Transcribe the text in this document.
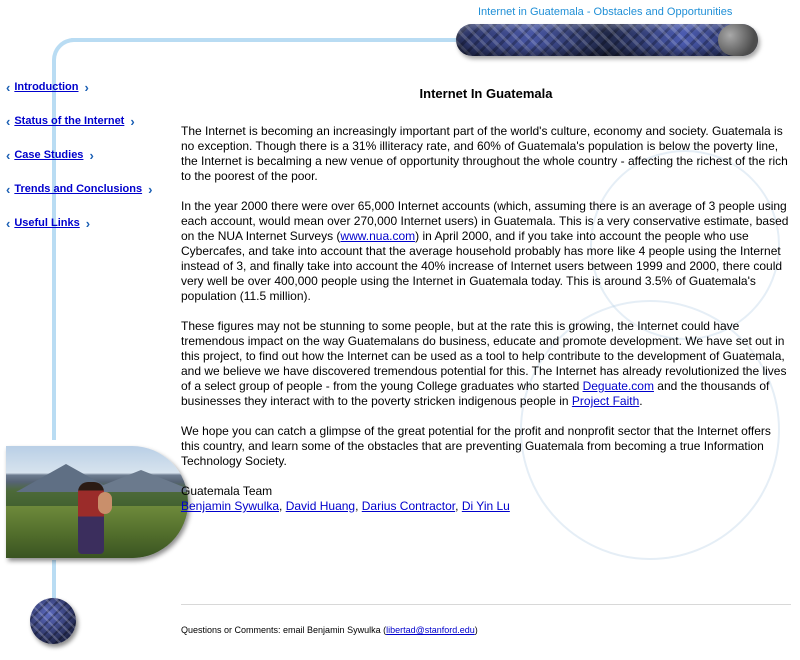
Internet in Guatemala - Obstacles and Opportunities
‹ Introduction ›
‹ Status of the Internet ›
‹ Case Studies ›
‹ Trends and Conclusions ›
‹ Useful Links ›
Internet In Guatemala

The Internet is becoming an increasingly important part of the world's culture, economy and society. Guatemala is no exception. Though there is a 31% illiteracy rate, and 60% of Guatemala's population is below the poverty line, the Internet is becalming a new venue of opportunity throughout the whole country - affecting the richest of the rich to the poorest of the poor.

In the year 2000 there were over 65,000 Internet accounts (which, assuming there is an average of 3 people using each account, would mean over 270,000 Internet users) in Guatemala. This is a very conservative estimate, based on the NUA Internet Surveys (www.nua.com) in April 2000, and if you take into account the people who use Cybercafes, and take into account that the average household probably has more like 4 people using the Internet instead of 3, and finally take into account the 40% increase of Internet users between 1999 and 2000, there could very well be over 400,000 people using the Internet in Guatemala today. This is around 3.5% of Guatemala's population (11.5 million).

These figures may not be stunning to some people, but at the rate this is growing, the Internet could have tremendous impact on the way Guatemalans do business, educate and promote development. We have set out in this project, to find out how the Internet can be used as a tool to help contribute to the development of Guatemala, and we believe we have discovered tremendous potential for this. The Internet has already revolutionized the lives of a select group of people - from the young College graduates who started Deguate.com and the thousands of businesses they interact with to the poverty stricken indigenous people in Project Faith.

We hope you can catch a glimpse of the great potential for the profit and nonprofit sector that the Internet offers this country, and learn some of the obstacles that are preventing Guatemala from becoming a true Information Technology Society.

Guatemala Team

Benjamin Sywulka, David Huang, Darius Contractor, Di Yin Lu

Questions or Comments: email Benjamin Sywulka (libertad@stanford.edu)
